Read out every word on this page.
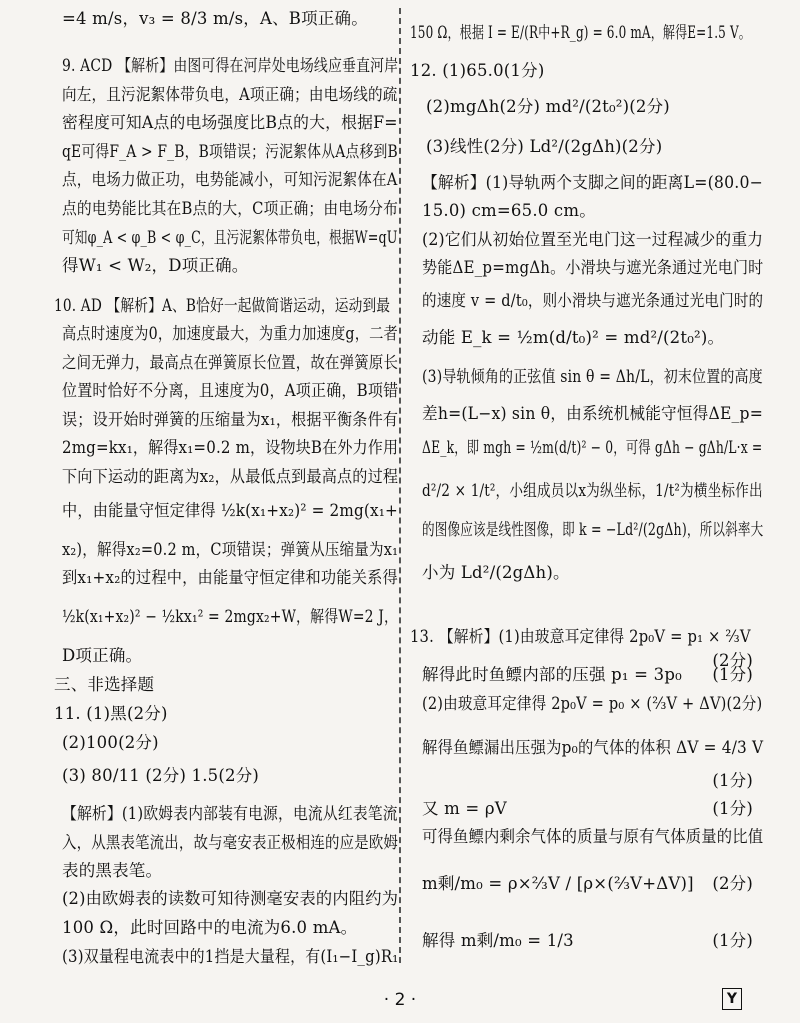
=4 m/s，v₃ = 8/3 m/s，A、B项正确。
9. ACD 【解析】由图可得在河岸处电场线应垂直河岸
向左，且污泥絮体带负电，A项正确；由电场线的疏
密程度可知A点的电场强度比B点的大，根据F=
qE可得F_A > F_B，B项错误；污泥絮体从A点移到B
点，电场力做正功，电势能减小，可知污泥絮体在A
点的电势能比其在B点的大，C项正确；由电场分布
可知φ_A < φ_B < φ_C，且污泥絮体带负电，根据W=qU
得W₁ < W₂，D项正确。
10. AD 【解析】A、B恰好一起做简谐运动，运动到最
高点时速度为0，加速度最大，为重力加速度g，二者
之间无弹力，最高点在弹簧原长位置，故在弹簧原长
位置时恰好不分离，且速度为0，A项正确，B项错
误；设开始时弹簧的压缩量为x₁，根据平衡条件有
2mg=kx₁，解得x₁=0.2 m，设物块B在外力作用
下向下运动的距离为x₂，从最低点到最高点的过程
中，由能量守恒定律得 ½k(x₁+x₂)² = 2mg(x₁+
x₂)，解得x₂=0.2 m，C项错误；弹簧从压缩量为x₁
到x₁+x₂的过程中，由能量守恒定律和功能关系得
½k(x₁+x₂)² − ½kx₁² = 2mgx₂+W，解得W=2 J，
D项正确。
三、非选择题
11. (1)黑(2分)
(2)100(2分)
(3) 80/11 (2分) 1.5(2分)
【解析】(1)欧姆表内部装有电源，电流从红表笔流
入，从黑表笔流出，故与毫安表正极相连的应是欧姆
表的黑表笔。
(2)由欧姆表的读数可知待测毫安表的内阻约为
100 Ω，此时回路中的电流为6.0 mA。
(3)双量程电流表中的1挡是大量程，有(I₁−I_g)R₁
150 Ω，根据 I = E/(R中+R_g) = 6.0 mA，解得E=1.5 V。
12. (1)65.0(1分)
(2)mgΔh(2分) md²/(2t₀²)(2分)
(3)线性(2分) Ld²/(2gΔh)(2分)
【解析】(1)导轨两个支脚之间的距离L=(80.0−
15.0) cm=65.0 cm。
(2)它们从初始位置至光电门这一过程减少的重力
势能ΔE_p=mgΔh。小滑块与遮光条通过光电门时
的速度 v = d/t₀，则小滑块与遮光条通过光电门时的
动能 E_k = ½m(d/t₀)² = md²/(2t₀²)。
(3)导轨倾角的正弦值 sin θ = Δh/L，初末位置的高度
差h=(L−x) sin θ，由系统机械能守恒得ΔE_p=
ΔE_k，即 mgh = ½m(d/t)² − 0，可得 gΔh − gΔh/L·x =
d²/2 × 1/t²，小组成员以x为纵坐标，1/t²为横坐标作出
的图像应该是线性图像，即 k = −Ld²/(2gΔh)，所以斜率大
小为 Ld²/(2gΔh)。
13. 【解析】(1)由玻意耳定律得 2p₀V = p₁ × ⅔V
解得此时鱼鳔内部的压强 p₁ = 3p₀
(2)由玻意耳定律得 2p₀V = p₀ × (⅔V + ΔV)(2分)
解得鱼鳔漏出压强为p₀的气体的体积 ΔV = 4/3 V
又 m = ρV
可得鱼鳔内剩余气体的质量与原有气体质量的比值
m剩/m₀ = ρ×⅔V / [ρ×(⅔V+ΔV)]
解得 m剩/m₀ = 1/3
(2分)
(1分)
(1分)
(1分)
(2分)
(1分)
· 2 ·	Y
